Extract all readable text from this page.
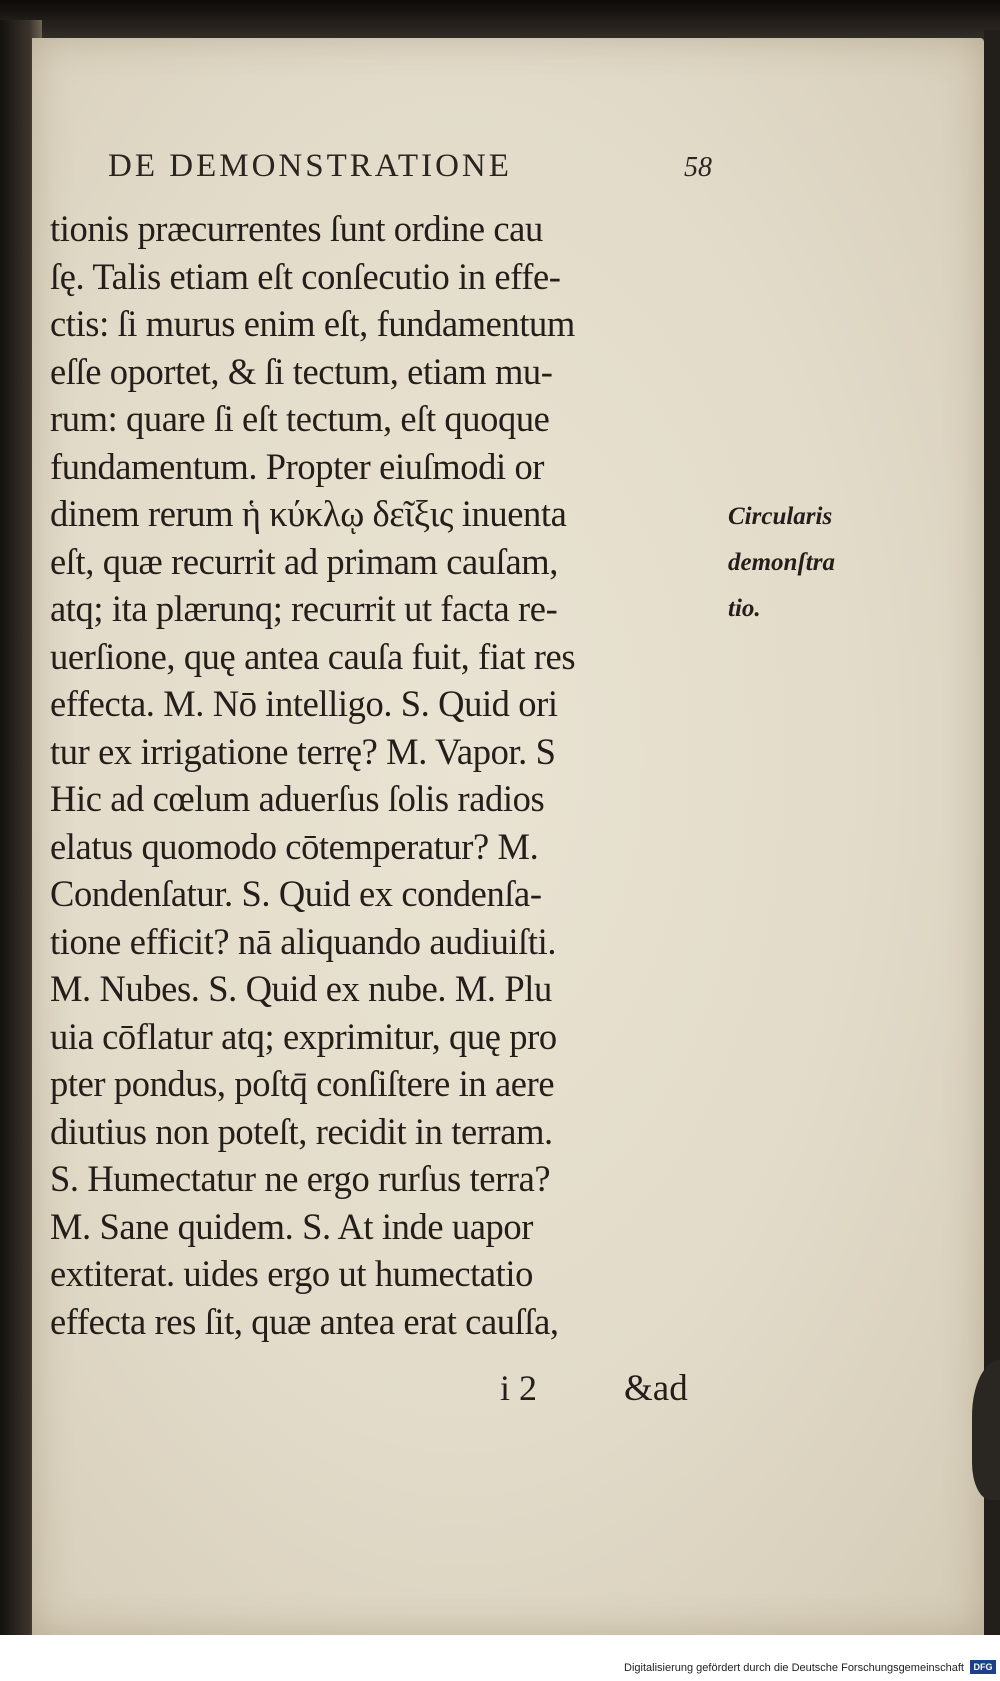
DE DEMONSTRATIONE	58
tionis præcurrentes ſunt ordine cau
ſę. Talis etiam eſt conſecutio in effe-
ctis: ſi murus enim eſt, fundamentum
eſſe oportet, & ſi tectum, etiam mu-
rum: quare ſi eſt tectum, eſt quoque
fundamentum. Propter eiuſmodi or
dinem rerum ἡ κύκλῳ δεῖξις inuenta
eſt, quæ recurrit ad primam cauſam,
atq; ita plærunq; recurrit ut facta re-
uerſione, quę antea cauſa fuit, fiat res
effecta. M. Nō intelligo. S. Quid ori
tur ex irrigatione terrę? M. Vapor. S
Hic ad cœlum aduerſus ſolis radios
elatus quomodo cōtemperatur? M.
Condenſatur. S. Quid ex condenſa-
tione efficit? nā aliquando audiuiſti.
M. Nubes. S. Quid ex nube. M. Plu
uia cōflatur atq; exprimitur, quę pro
pter pondus, poſtq̄ conſiſtere in aere
diutius non poteſt, recidit in terram.
S. Humectatur ne ergo rurſus terra?
M. Sane quidem. S. At inde uapor
extiterat. uides ergo ut humectatio
effecta res ſit, quæ antea erat cauſſa,
Circularis
demonſtra
tio.
i 2 &ad
Digitalisierung gefördert durch die Deutsche Forschungsgemeinschaft	DFG
